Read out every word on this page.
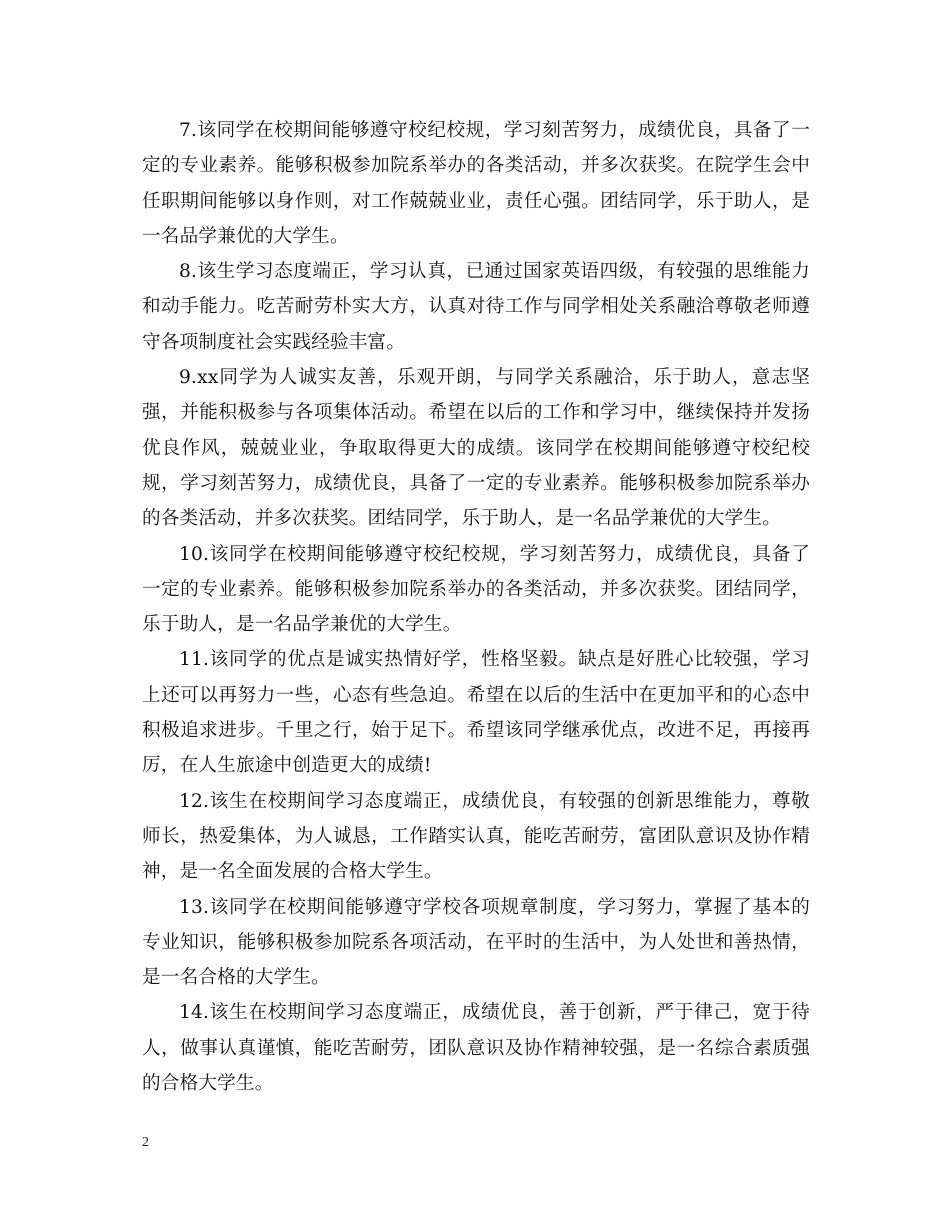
7.该同学在校期间能够遵守校纪校规，学习刻苦努力，成绩优良，具备了一定的专业素养。能够积极参加院系举办的各类活动，并多次获奖。在院学生会中任职期间能够以身作则，对工作兢兢业业，责任心强。团结同学，乐于助人，是一名品学兼优的大学生。

8.该生学习态度端正，学习认真，已通过国家英语四级，有较强的思维能力和动手能力。吃苦耐劳朴实大方，认真对待工作与同学相处关系融洽尊敬老师遵守各项制度社会实践经验丰富。

9.xx同学为人诚实友善，乐观开朗，与同学关系融洽，乐于助人，意志坚强，并能积极参与各项集体活动。希望在以后的工作和学习中，继续保持并发扬优良作风，兢兢业业，争取取得更大的成绩。该同学在校期间能够遵守校纪校规，学习刻苦努力，成绩优良，具备了一定的专业素养。能够积极参加院系举办的各类活动，并多次获奖。团结同学，乐于助人，是一名品学兼优的大学生。

10.该同学在校期间能够遵守校纪校规，学习刻苦努力，成绩优良，具备了一定的专业素养。能够积极参加院系举办的各类活动，并多次获奖。团结同学，乐于助人，是一名品学兼优的大学生。

11.该同学的优点是诚实热情好学，性格坚毅。缺点是好胜心比较强，学习上还可以再努力一些，心态有些急迫。希望在以后的生活中在更加平和的心态中积极追求进步。千里之行，始于足下。希望该同学继承优点，改进不足，再接再厉，在人生旅途中创造更大的成绩!

12.该生在校期间学习态度端正，成绩优良，有较强的创新思维能力，尊敬师长，热爱集体，为人诚恳，工作踏实认真，能吃苦耐劳，富团队意识及协作精神，是一名全面发展的合格大学生。

13.该同学在校期间能够遵守学校各项规章制度，学习努力，掌握了基本的专业知识，能够积极参加院系各项活动，在平时的生活中，为人处世和善热情，是一名合格的大学生。

14.该生在校期间学习态度端正，成绩优良，善于创新，严于律己，宽于待人，做事认真谨慎，能吃苦耐劳，团队意识及协作精神较强，是一名综合素质强的合格大学生。

2
